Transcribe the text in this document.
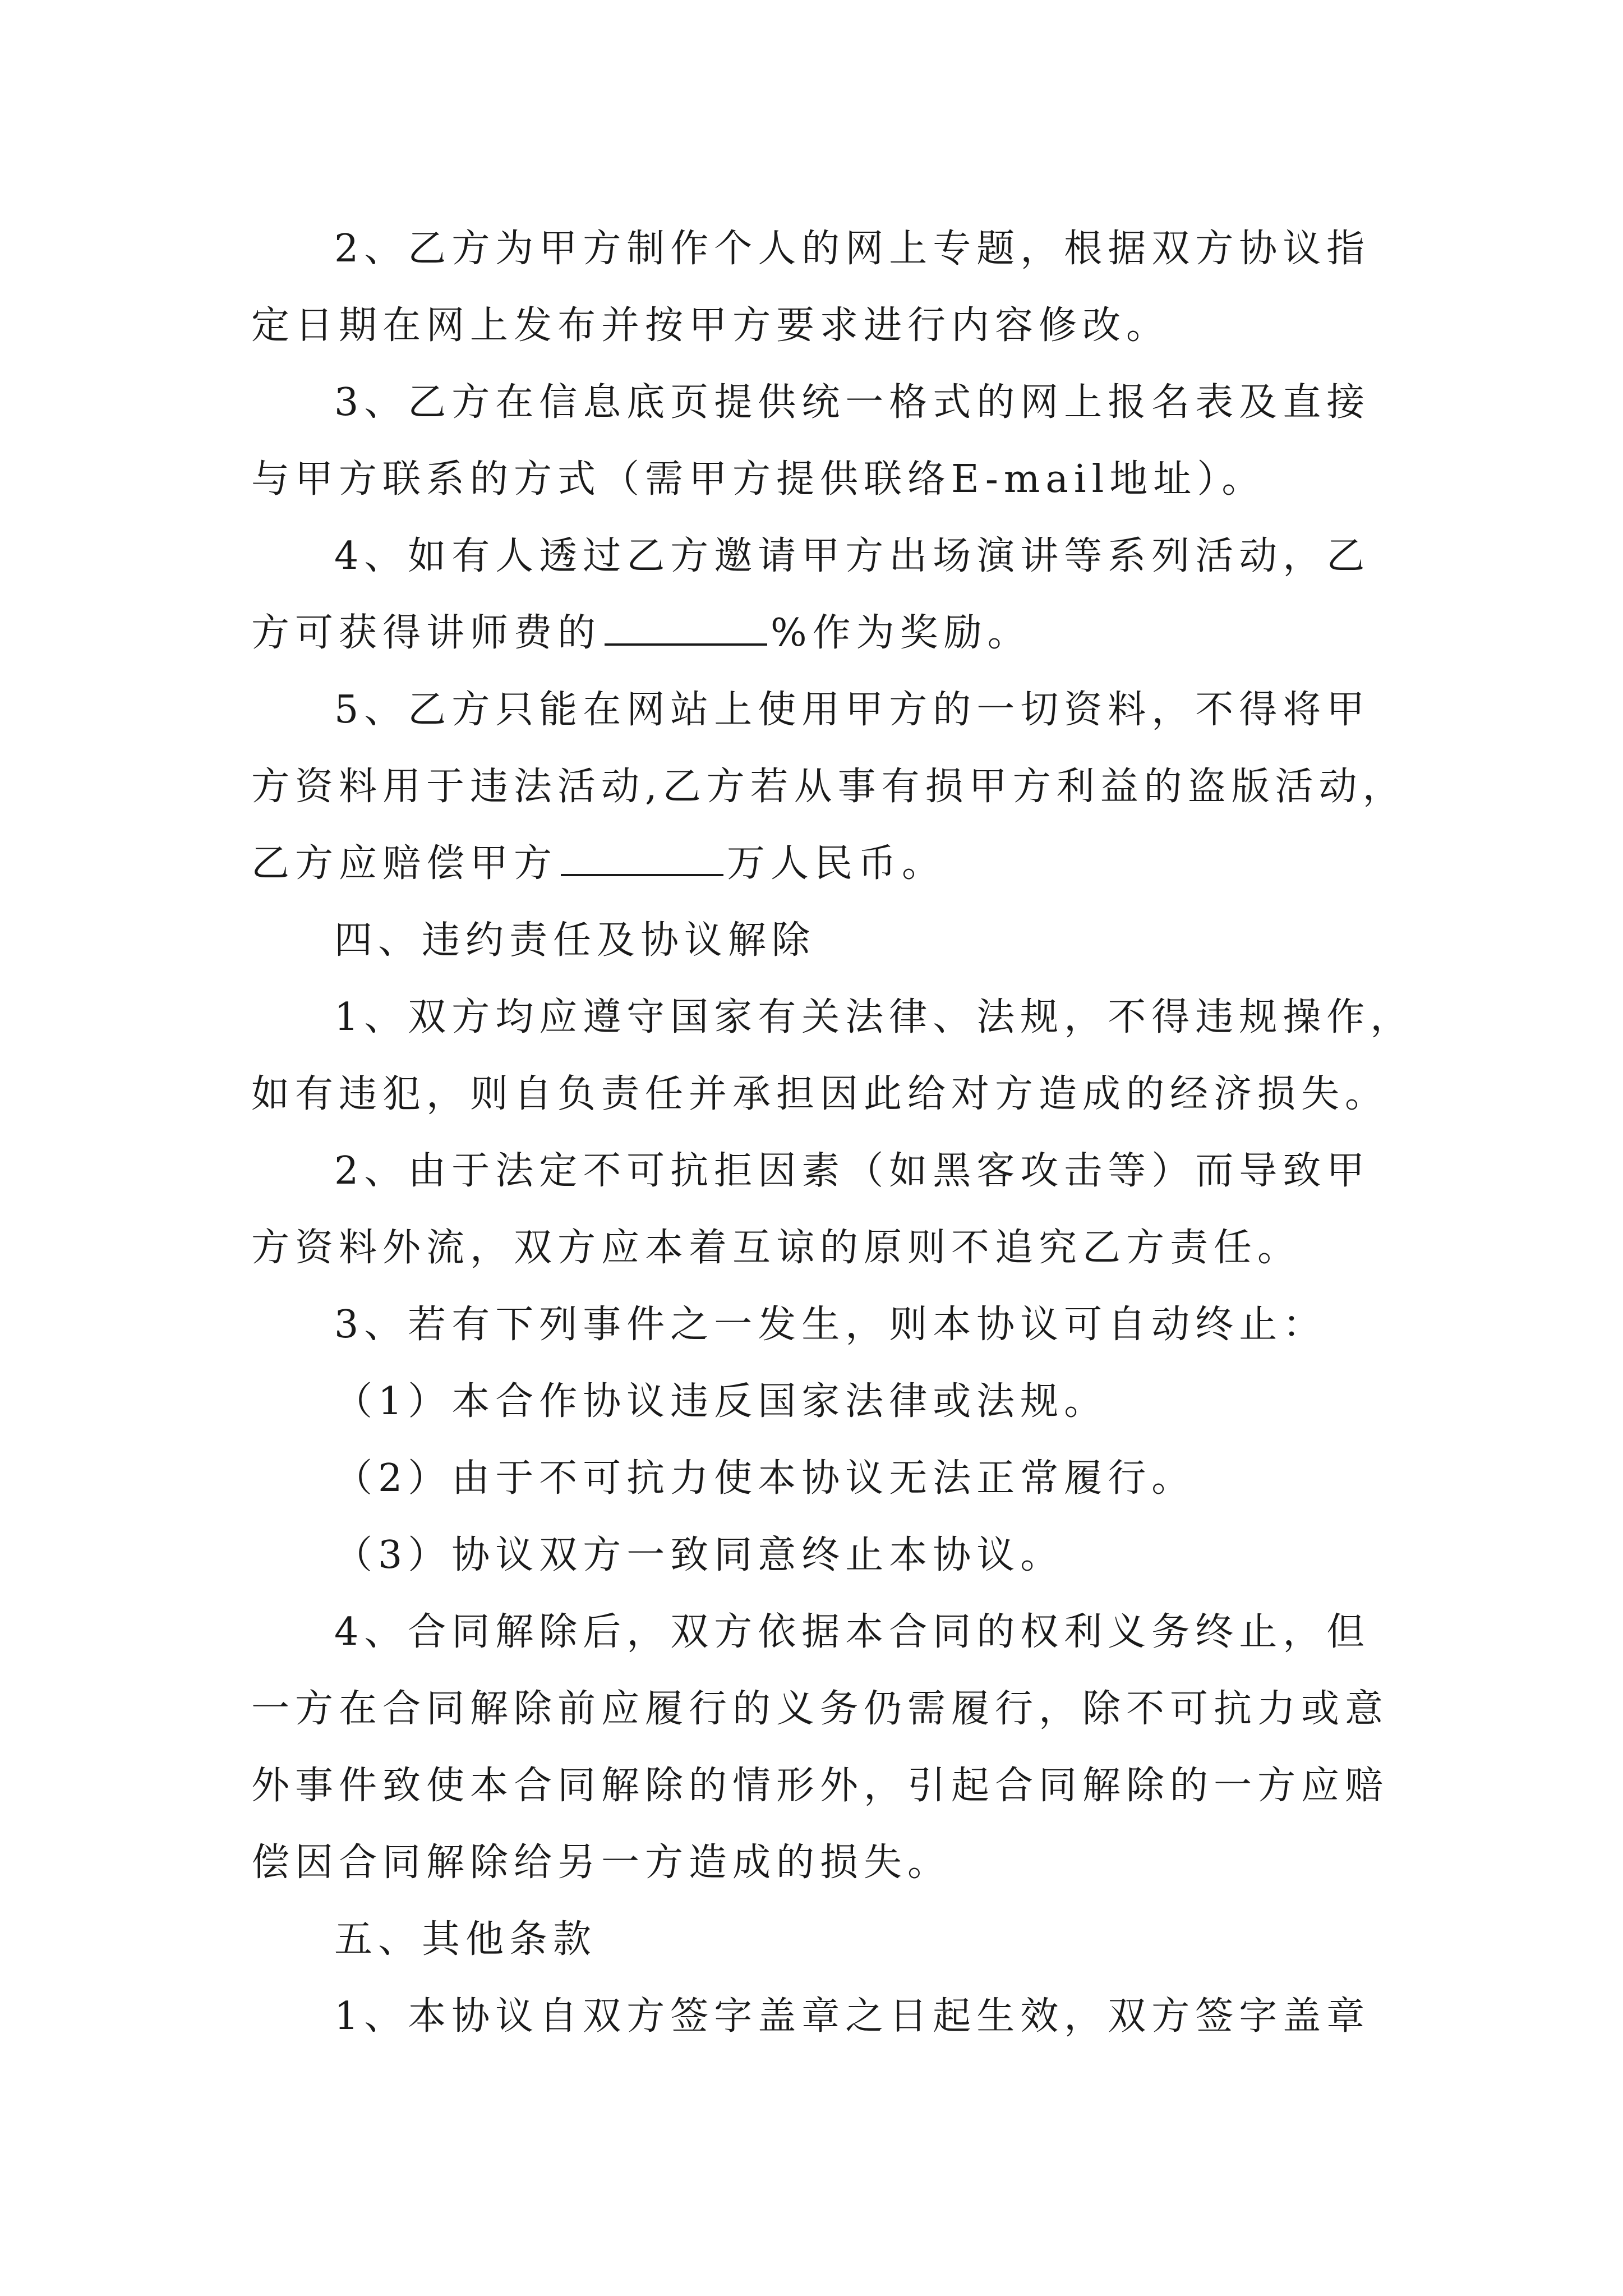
2、乙方为甲方制作个人的网上专题，根据双方协议指
定日期在网上发布并按甲方要求进行内容修改。
3、乙方在信息底页提供统一格式的网上报名表及直接
与甲方联系的方式（需甲方提供联络E-mail地址）。
4、如有人透过乙方邀请甲方出场演讲等系列活动，乙
方可获得讲师费的	%作为奖励。
5、乙方只能在网站上使用甲方的一切资料，不得将甲
方资料用于违法活动,乙方若从事有损甲方利益的盗版活动，
乙方应赔偿甲方	万人民币。
四、违约责任及协议解除
1、双方均应遵守国家有关法律、法规，不得违规操作，
如有违犯，则自负责任并承担因此给对方造成的经济损失。
2、由于法定不可抗拒因素（如黑客攻击等）而导致甲
方资料外流，双方应本着互谅的原则不追究乙方责任。
3、若有下列事件之一发生，则本协议可自动终止：
（1）本合作协议违反国家法律或法规。
（2）由于不可抗力使本协议无法正常履行。
（3）协议双方一致同意终止本协议。
4、合同解除后，双方依据本合同的权利义务终止，但
一方在合同解除前应履行的义务仍需履行，除不可抗力或意
外事件致使本合同解除的情形外，引起合同解除的一方应赔
偿因合同解除给另一方造成的损失。
五、其他条款
1、本协议自双方签字盖章之日起生效，双方签字盖章
